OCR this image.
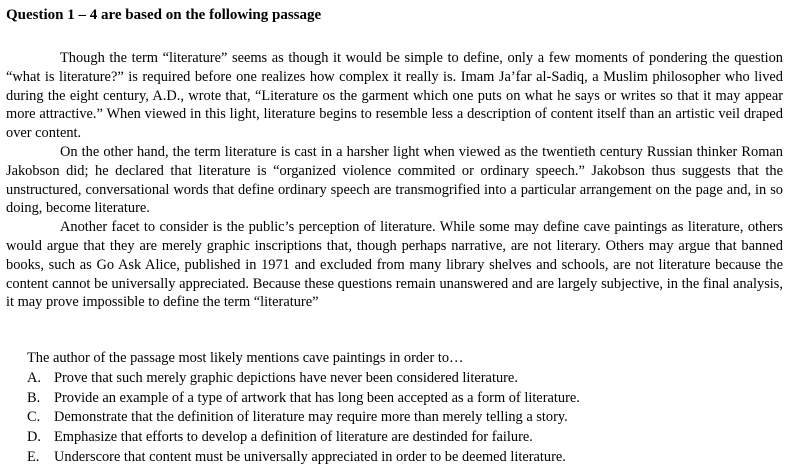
Question 1 – 4 are based on the following passage

Though the term “literature” seems as though it would be simple to define, only a few moments of pondering the question “what is literature?” is required before one realizes how complex it really is. Imam Ja’far al-Sadiq, a Muslim philosopher who lived during the eight century, A.D., wrote that, “Literature os the garment which one puts on what he says or writes so that it may appear more attractive.” When viewed in this light, literature begins to resemble less a description of content itself than an artistic veil draped over content.

On the other hand, the term literature is cast in a harsher light when viewed as the twentieth century Russian thinker Roman Jakobson did; he declared that literature is “organized violence commited or ordinary speech.” Jakobson thus suggests that the unstructured, conversational words that define ordinary speech are transmogrified into a particular arrangement on the page and, in so doing, become literature.

Another facet to consider is the public’s perception of literature. While some may define cave paintings as literature, others would argue that they are merely graphic inscriptions that, though perhaps narrative, are not literary. Others may argue that banned books, such as Go Ask Alice, published in 1971 and excluded from many library shelves and schools, are not literature because the content cannot be universally appreciated. Because these questions remain unanswered and are largely subjective, in the final analysis, it may prove impossible to define the term “literature”

The author of the passage most likely mentions cave paintings in order to…
A. Prove that such merely graphic depictions have never been considered literature.
B. Provide an example of a type of artwork that has long been accepted as a form of literature.
C. Demonstrate that the definition of literature may require more than merely telling a story.
D. Emphasize that efforts to develop a definition of literature are destinded for failure.
E. Underscore that content must be universally appreciated in order to be deemed literature.
